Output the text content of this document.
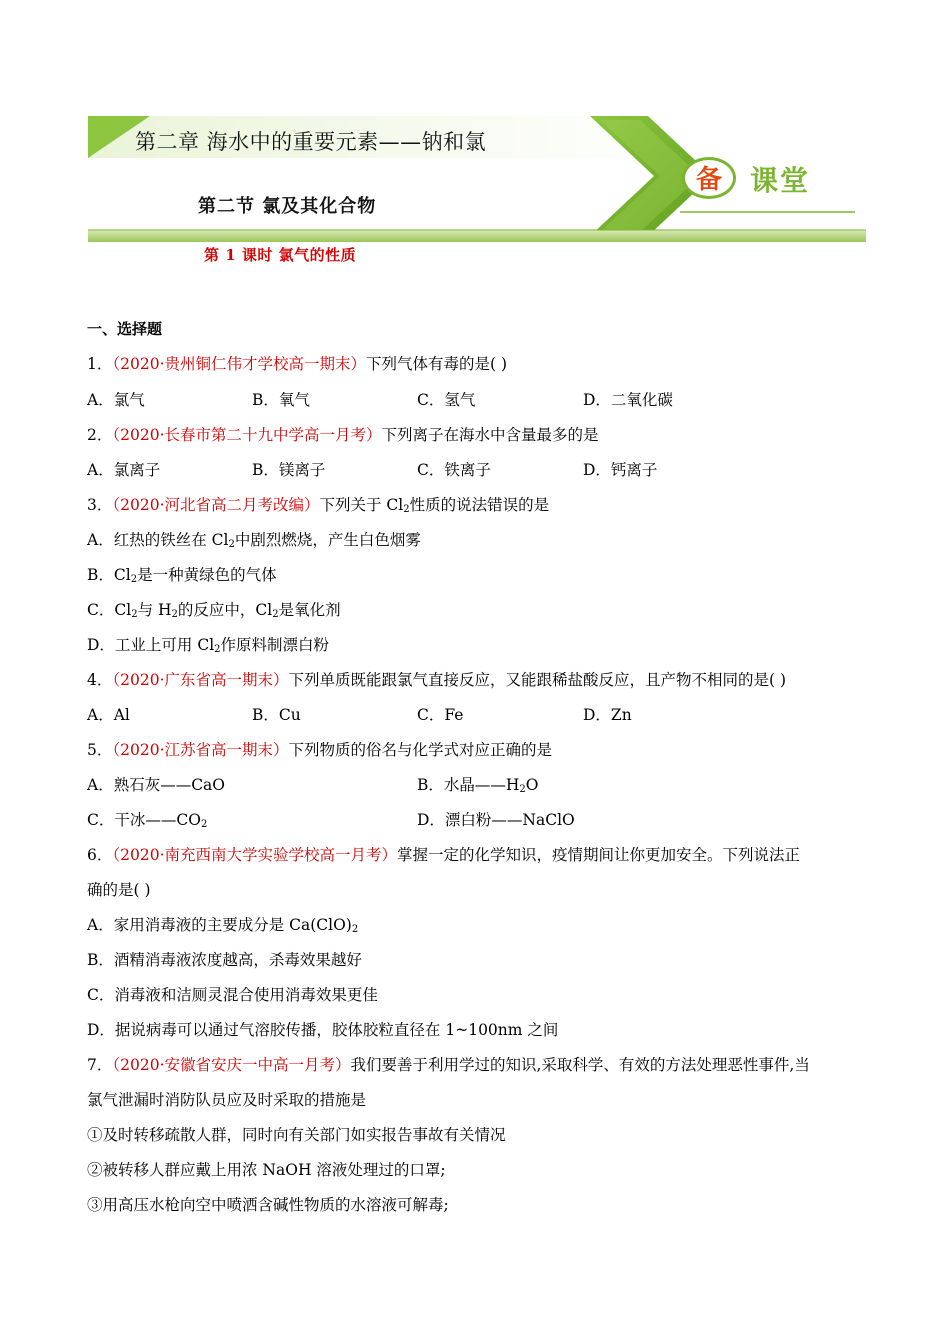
第二章 海水中的重要元素——钠和氯
第二节 氯及其化合物
第 1 课时 氯气的性质
备	课堂
一、选择题
1．（2020·贵州铜仁伟才学校高一期末）下列气体有毒的是( )
A．氯气	B．氧气	C．氢气	D．二氧化碳
2．（2020·长春市第二十九中学高一月考）下列离子在海水中含量最多的是
A．氯离子	B．镁离子	C．铁离子	D．钙离子
3．（2020·河北省高二月考改编）下列关于 $Cl_2$性质的说法错误的是
A．红热的铁丝在 $Cl_2$中剧烈燃烧，产生白色烟雾
B．$Cl_2$是一种黄绿色的气体
C．$Cl_2$与 $H_2$的反应中，$Cl_2$是氧化剂
D．工业上可用 $Cl_2$作原料制漂白粉
4．（2020·广东省高一期末）下列单质既能跟氯气直接反应，又能跟稀盐酸反应，且产物不相同的是( )
A．Al	B．Cu	C．Fe	D．Zn
5．（2020·江苏省高一期末）下列物质的俗名与化学式对应正确的是
A．熟石灰——CaO	B．水晶$——H_2O$
C．干冰$——CO_2$	D．漂白粉——NaClO
6．（2020·南充西南大学实验学校高一月考）掌握一定的化学知识，疫情期间让你更加安全。下列说法正
确的是( )
A．家用消毒液的主要成分是 $Ca(ClO)_2$
B．酒精消毒液浓度越高，杀毒效果越好
C．消毒液和洁厕灵混合使用消毒效果更佳
D．据说病毒可以通过气溶胶传播，胶体胶粒直径在 1~100nm 之间
7．（2020·安徽省安庆一中高一月考）我们要善于利用学过的知识,采取科学、有效的方法处理恶性事件,当
氯气泄漏时消防队员应及时采取的措施是
①及时转移疏散人群，同时向有关部门如实报告事故有关情况
②被转移人群应戴上用浓 NaOH 溶液处理过的口罩;
③用高压水枪向空中喷洒含碱性物质的水溶液可解毒;
